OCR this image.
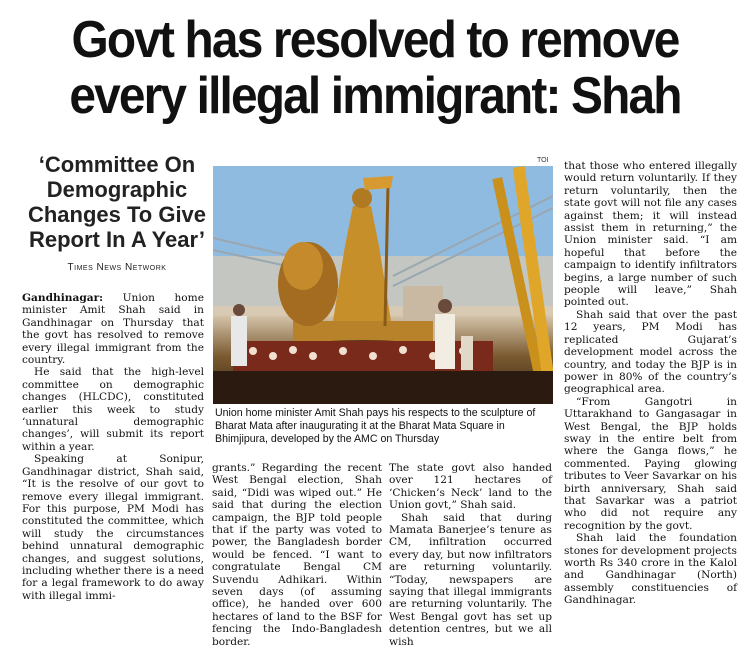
Govt has resolved to remove
every illegal immigrant: Shah
‘Committee On
Demographic
Changes To Give
Report In A Year’
Times News Network

Gandhinagar: Union home minister Amit Shah said in Gandhinagar on Thursday that the govt has resolved to remove every illegal immigrant from the country.

He said that the high-level committee on demographic changes (HLCDC), constituted earlier this week to study ‘unnatural demographic changes’, will submit its report within a year.

Speaking at Sonipur, Gandhinagar district, Shah said, “It is the resolve of our govt to remove every illegal immigrant. For this purpose, PM Modi has constituted the committee, which will study the circumstances behind unnatural demographic changes, and suggest solutions, including whether there is a need for a legal framework to do away with illegal immi-

TOI
Union home minister Amit Shah pays his respects to the sculpture of Bharat Mata after inaugurating it at the Bharat Mata Square in Bhimjipura, developed by the AMC on Thursday

grants.” Regarding the recent West Bengal election, Shah said, “Didi was wiped out.” He said that during the election campaign, the BJP told people that if the party was voted to power, the Bangladesh border would be fenced. “I want to congratulate Bengal CM Suvendu Adhikari. Within seven days (of assuming office), he handed over 600 hectares of land to the BSF for fencing the Indo-Bangladesh border.

The state govt also handed over 121 hectares of ‘Chicken’s Neck’ land to the Union govt,” Shah said.

Shah said that during Mamata Banerjee’s tenure as CM, infiltration occurred every day, but now infiltrators are returning voluntarily. “Today, newspapers are saying that illegal immigrants are returning voluntarily. The West Bengal govt has set up detention centres, but we all wish

that those who entered illegally would return voluntarily. If they return voluntarily, then the state govt will not file any cases against them; it will instead assist them in returning,” the Union minister said. “I am hopeful that before the campaign to identify infiltrators begins, a large number of such people will leave,” Shah pointed out.

Shah said that over the past 12 years, PM Modi has replicated Gujarat’s development model across the country, and today the BJP is in power in 80% of the country’s geographical area.

“From Gangotri in Uttarakhand to Gangasagar in West Bengal, the BJP holds sway in the entire belt from where the Ganga flows,” he commented. Paying glowing tributes to Veer Savarkar on his birth anniversary, Shah said that Savarkar was a patriot who did not require any recognition by the govt.

Shah laid the foundation stones for development projects worth Rs 340 crore in the Kalol and Gandhinagar (North) assembly constituencies of Gandhinagar.
